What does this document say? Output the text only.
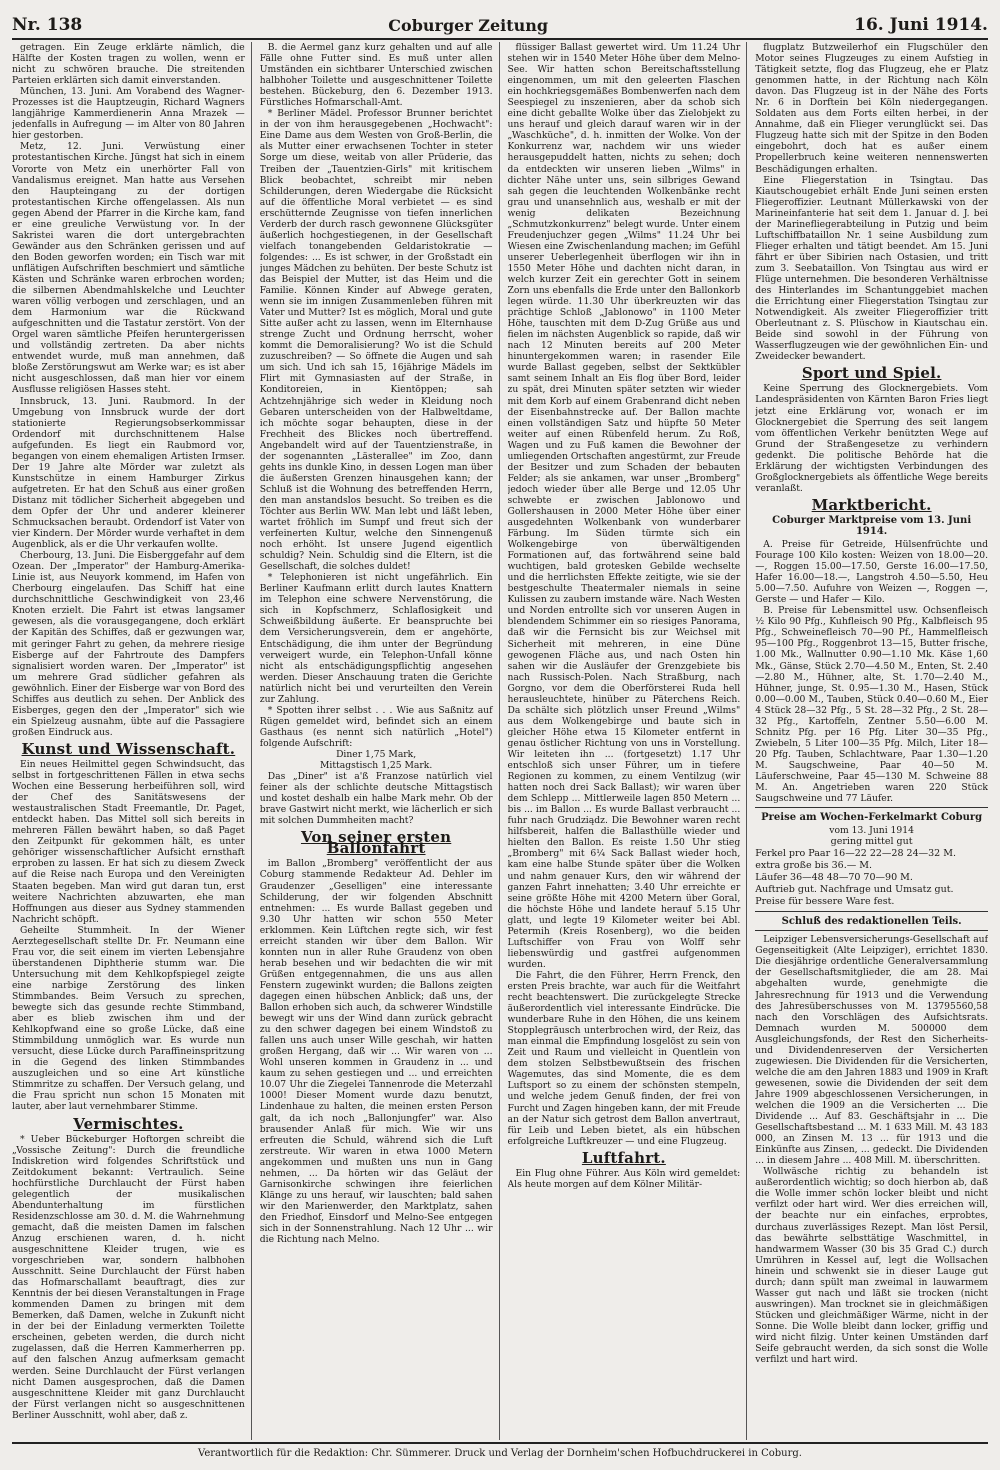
Nr. 138	Coburger Zeitung	16. Juni 1914.

getragen. Ein Zeuge erklärte nämlich, die Hälfte der Kosten tragen zu wollen, wenn er nicht zu schwören brauche. Die streitenden Parteien erklärten sich damit einverstanden.

München, 13. Juni. Am Vorabend des Wagner-Prozesses ist die Hauptzeugin, Richard Wagners langjährige Kammerdienerin Anna Mrazek — jedenfalls in Aufregung — im Alter von 80 Jahren hier gestorben.

Metz, 12. Juni. Verwüstung einer protestantischen Kirche. Jüngst hat sich in einem Vororte von Metz ein unerhörter Fall von Vandalismus ereignet. Man hatte aus Versehen den Haupteingang zu der dortigen protestantischen Kirche offengelassen. Als nun gegen Abend der Pfarrer in die Kirche kam, fand er eine greuliche Verwüstung vor. In der Sakristei waren die dort untergebrachten Gewänder aus den Schränken gerissen und auf den Boden geworfen worden; ein Tisch war mit unflätigen Aufschriften beschmiert und sämtliche Kästen und Schränke waren erbrochen worden; die silbernen Abendmahlskelche und Leuchter waren völlig verbogen und zerschlagen, und an dem Harmonium war die Rückwand aufgeschnitten und die Tastatur zerstört. Von der Orgel waren sämtliche Pfeifen heruntergerissen und vollständig zertreten. Da aber nichts entwendet wurde, muß man annehmen, daß bloße Zerstörungswut am Werke war; es ist aber nicht ausgeschlossen, daß man hier vor einem Ausflusse religiösen Hasses steht.

Innsbruck, 13. Juni. Raubmord. In der Umgebung von Innsbruck wurde der dort stationierte Regierungsobserkommissar Ordendorf mit durchschnittenem Halse aufgefunden. Es liegt ein Raubmord vor, begangen von einem ehemaligen Artisten Irmser. Der 19 Jahre alte Mörder war zuletzt als Kunstschütze in einem Hamburger Zirkus aufgetreten. Er hat den Schuß aus einer großen Distanz mit tödlicher Sicherheit abgegeben und dem Opfer der Uhr und anderer kleinerer Schmucksachen beraubt. Ordendorf ist Vater von vier Kindern. Der Mörder wurde verhaftet in dem Augenblick, als er die Uhr verkaufen wollte.

Cherbourg, 13. Juni. Die Eisberggefahr auf dem Ozean. Der „Imperator" der Hamburg-Amerika-Linie ist, aus Neuyork kommend, im Hafen von Cherbourg eingelaufen. Das Schiff hat eine durchschnittliche Geschwindigkeit von 23,46 Knoten erzielt. Die Fahrt ist etwas langsamer gewesen, als die vorausgegangene, doch erklärt der Kapitän des Schiffes, daß er gezwungen war, mit geringer Fahrt zu gehen, da mehrere riesige Eisberge auf der Fahrtroute des Dampfers signalisiert worden waren. Der „Imperator" ist um mehrere Grad südlicher gefahren als gewöhnlich. Einer der Eisberge war von Bord des Schiffes aus deutlich zu sehen. Der Anblick des Eisberges, gegen den der „Imperator" sich wie ein Spielzeug ausnahm, übte auf die Passagiere großen Eindruck aus.

Kunst und Wissenschaft.

Ein neues Heilmittel gegen Schwindsucht, das selbst in fortgeschrittenen Fällen in etwa sechs Wochen eine Besserung herbeiführen soll, wird der Chef des Sanitätswesens der westaustralischen Stadt Freemantle, Dr. Paget, entdeckt haben. Das Mittel soll sich bereits in mehreren Fällen bewährt haben, so daß Paget den Zeitpunkt für gekommen hält, es unter gehöriger wissenschaftlicher Aufsicht ernsthaft erproben zu lassen. Er hat sich zu diesem Zweck auf die Reise nach Europa und den Vereinigten Staaten begeben. Man wird gut daran tun, erst weitere Nachrichten abzuwarten, ehe man Hoffnungen aus dieser aus Sydney stammenden Nachricht schöpft.

Geheilte Stummheit. In der Wiener Aerztegesellschaft stellte Dr. Fr. Neumann eine Frau vor, die seit einem im vierten Lebensjahre überstandenen Diphtherie stumm war. Die Untersuchung mit dem Kehlkopfspiegel zeigte eine narbige Zerstörung des linken Stimmbandes. Beim Versuch zu sprechen, bewegte sich das gesunde rechte Stimmband, aber es blieb zwischen ihm und der Kehlkopfwand eine so große Lücke, daß eine Stimmbildung unmöglich war. Es wurde nun versucht, diese Lücke durch Paraffineinspritzung in die Gegend des linken Stimmbandes auszugleichen und so eine Art künstliche Stimmritze zu schaffen. Der Versuch gelang, und die Frau spricht nun schon 15 Monaten mit lauter, aber laut vernehmbarer Stimme.

Vermischtes.

* Ueber Bückeburger Hoftorgen schreibt die „Vossische Zeitung": Durch die freundliche Indiskretion wird folgendes Schriftstück und Zeitdokument bekannt: Vertraulich. Seine hochfürstliche Durchlaucht der Fürst haben gelegentlich der musikalischen Abendunterhaltung im fürstlichen Residenzschlosse am 30. d. M. die Wahrnehmung gemacht, daß die meisten Damen im falschen Anzug erschienen waren, d. h. nicht ausgeschnittene Kleider trugen, wie es vorgeschrieben war, sondern halbhohen Ausschnitt. Seine Durchlaucht der Fürst haben das Hofmarschallamt beauftragt, dies zur Kenntnis der bei diesen Veranstaltungen in Frage kommenden Damen zu bringen mit dem Bemerken, daß Damen, welche in Zukunft nicht in der bei der Einladung vermerkten Toilette erscheinen, gebeten werden, die durch nicht zugelassen, daß die Herren Kammerherren pp. auf den falschen Anzug aufmerksam gemacht werden. Seine Durchlaucht der Fürst verlangen nicht Damen ausgesprochen, daß die Damen ausgeschnittene Kleider mit ganz Durchlaucht der Fürst verlangen nicht so ausgeschnittenen Berliner Ausschnitt, wohl aber, daß z.

B. die Aermel ganz kurz gehalten und auf alle Fälle ohne Futter sind. Es muß unter allen Umständen ein sichtbarer Unterschied zwischen halbhoher Toilette und ausgeschnittener Toilette bestehen. Bückeburg, den 6. Dezember 1913. Fürstliches Hofmarschall-Amt.

* Berliner Mädel. Professor Brunner berichtet in der von ihm herausgegebenen „Hochwacht": Eine Dame aus dem Westen von Groß-Berlin, die als Mutter einer erwachsenen Tochter in steter Sorge um diese, weitab von aller Prüderie, das Treiben der „Tauentzien-Girls" mit kritischem Blick beobachtet, schreibt mir neben Schilderungen, deren Wiedergabe die Rücksicht auf die öffentliche Moral verbietet — es sind erschütternde Zeugnisse von tiefen innerlichen Verderb der durch rasch gewonnene Glücksgüter äußerlich hochgestiegenen, in der Gesellschaft vielfach tonangebenden Geldaristokratie — folgendes: ... Es ist schwer, in der Großstadt ein junges Mädchen zu behüten. Der beste Schutz ist das Beispiel der Mutter, ist das Heim und die Familie. Können Kinder auf Abwege geraten, wenn sie im innigen Zusammenleben führen mit Vater und Mutter? Ist es möglich, Moral und gute Sitte außer acht zu lassen, wenn im Elternhause strenge Zucht und Ordnung herrscht, woher kommt die Demoralisierung? Wo ist die Schuld zuzuschreiben? — So öffnete die Augen und sah um sich. Und ich sah 15, 16jährige Mädels im Flirt mit Gymnasiasten auf der Straße, in Konditoreien, in Kientöppen; sah Achtzehnjährige sich weder in Kleidung noch Gebaren unterscheiden von der Halbweltdame, ich möchte sogar behaupten, diese in der Frechheit des Blickes noch übertreffend. Angebandelt wird auf der Tauentzienstraße, in der sogenannten „Lästerallee" im Zoo, dann gehts ins dunkle Kino, in dessen Logen man über die äußersten Grenzen hinausgehen kann; der Schluß ist die Wohnung des betreffenden Herrn, den man anstandslos besucht. So treiben es die Töchter aus Berlin WW. Man lebt und läßt leben, wartet fröhlich im Sumpf und freut sich der verfeinerten Kultur, welche den Sinnengenuß noch erhöht. Ist unsere Jugend eigentlich schuldig? Nein. Schuldig sind die Eltern, ist die Gesellschaft, die solches duldet!

* Telephonieren ist nicht ungefährlich. Ein Berliner Kaufmann erlitt durch lautes Knattern im Telephon eine schwere Nervenstörung, die sich in Kopfschmerz, Schlaflosigkeit und Schweißbildung äußerte. Er beanspruchte bei dem Versicherungsverein, dem er angehörte, Entschädigung, die ihm unter der Begründung verweigert wurde, ein Telephon-Unfall könne nicht als entschädigungspflichtig angesehen werden. Dieser Anschauung traten die Gerichte natürlich nicht bei und verurteilten den Verein zur Zahlung.

* Spotten ihrer selbst . . . Wie aus Saßnitz auf Rügen gemeldet wird, befindet sich an einem Gasthaus (es nennt sich natürlich „Hotel") folgende Aufschrift:

Diner 1,75 Mark,

Mittagstisch 1,25 Mark.

Das „Diner" ist a'ß Franzose natürlich viel feiner als der schlichte deutsche Mittagstisch und kostet deshalb ein halbe Mark mehr. Ob der brave Gastwirt nicht merkt, wie lächerlich er sich mit solchen Dummheiten macht?

Von seiner ersten Ballonfahrt

im Ballon „Bromberg" veröffentlicht der aus Coburg stammende Redakteur Ad. Dehler im Graudenzer „Geselligen" eine interessante Schilderung, der wir folgenden Abschnitt entnehmen: ... Es wurde Ballast gegeben und 9.30 Uhr hatten wir schon 550 Meter erklommen. Kein Lüftchen regte sich, wir fest erreicht standen wir über dem Ballon. Wir konnten nun in aller Ruhe Graudenz von oben herab besehen und wir bedachten die wir mit Grüßen entgegennahmen, die uns aus allen Fenstern zugewinkt wurden; die Ballons zeigten dagegen einen hübschen Anblick; daß uns, der Ballon erhoben sich auch, da schwerer Windstille bewegt wir uns der Wind dann zurück gebracht zu den schwer dagegen bei einem Windstoß zu fallen uns auch unser Wille geschah, wir hatten großen Hergang, daß wir ... Wir waren von ... Wohl unseren kommen in Graudenz in ... und kaum zu sehen gestiegen und ... und erreichten 10.07 Uhr die Ziegelei Tannenrode die Meterzahl 1000! Dieser Moment wurde dazu benutzt, Lindenhaue zu halten, die meinen ersten Person galt, da ich noch „Ballonjungfer" war. Also brausender Anlaß für mich. Wie wir uns erfreuten die Schuld, während sich die Luft zerstreute. Wir waren in etwa 1000 Metern angekommen und mußten uns nun in Gang nehmen, ... Da hörten wir das Geläut der Garnisonkirche schwingen ihre feierlichen Klänge zu uns herauf, wir lauschten; bald sahen wir den Marienwerder, den Marktplatz, sahen den Friedhof, Einsdorf und Melno-See entgegen sich in der Sonnenstrahlung. Nach 12 Uhr ... wir die Richtung nach Melno.

flüssiger Ballast gewertet wird. Um 11.24 Uhr stehen wir in 1540 Meter Höhe über dem Melno-See. Wir hatten schon Bereitschaftsstellung eingenommen, um mit den geleerten Flaschen ein hochkriegsgemäßes Bombenwerfen nach dem Seespiegel zu inszenieren, aber da schob sich eine dicht geballte Wolke über das Zielobjekt zu uns herauf und gleich darauf waren wir in der „Waschküche", d. h. inmitten der Wolke. Von der Konkurrenz war, nachdem wir uns wieder herausgepuddelt hatten, nichts zu sehen; doch da entdeckten wir unseren lieben „Wilms" in dichter Nähe unter uns, sein silbriges Gewand sah gegen die leuchtenden Wolkenbänke recht grau und unansehnlich aus, weshalb er mit der wenig delikaten Bezeichnung „Schmutzkonkurrenz" belegt wurde. Unter einem Freudenjuchzer gegen „Wilms" 11.24 Uhr bei Wiesen eine Zwischenlandung machen; im Gefühl unserer Ueberlegenheit überflogen wir ihn in 1550 Meter Höhe und dachten nicht daran, in welch kurzer Zeit ein gerechter Gott in seinem Zorn uns ebenfalls die Erde unter den Ballonkorb legen würde. 11.30 Uhr überkreuzten wir das prächtige Schloß „Jablonowo" in 1100 Meter Höhe, tauschten mit dem D-Zug Grüße aus und fielen im nächsten Augenblick so rapide, daß wir nach 12 Minuten bereits auf 200 Meter hinuntergekommen waren; in rasender Eile wurde Ballast gegeben, selbst der Sektkübler samt seinem Inhalt an Eis flog über Bord, leider zu spät, drei Minuten später setzten wir wieder mit dem Korb auf einem Grabenrand dicht neben der Eisenbahnstrecke auf. Der Ballon machte einen vollständigen Satz und hüpfte 50 Meter weiter auf einen Rübenfeld herum. Zu Roß, Wagen und zu Fuß kamen die Bewohner der umliegenden Ortschaften angestürmt, zur Freude der Besitzer und zum Schaden der bebauten Felder; als sie ankamen, war unser „Bromberg" jedoch wieder über alle Berge und 12.05 Uhr schwebte er zwischen Jablonowo und Gollershausen in 2000 Meter Höhe über einer ausgedehnten Wolkenbank von wunderbarer Färbung. Im Süden türmte sich ein Wolkengebirge von überwältigenden Formationen auf, das fortwährend seine bald wuchtigen, bald grotesken Gebilde wechselte und die herrlichsten Effekte zeitigte, wie sie der bestgeschulte Theatermaler niemals in seine Kulissen zu zaubern imstande wäre. Nach Westen und Norden entrollte sich vor unseren Augen in blendendem Schimmer ein so riesiges Panorama, daß wir die Fernsicht bis zur Weichsel mit Sicherheit mit mehreren, in eine Düne gewogenen Fläche aus, und nach Osten hin sahen wir die Ausläufer der Grenzgebiete bis nach Russisch-Polen. Nach Straßburg, nach Gorgno, vor dem die Oberförsterei Ruda hell herausleuchtete, hinüber zu Päterchens Reich. Da schälte sich plötzlich unser Freund „Wilms" aus dem Wolkengebirge und baute sich in gleicher Höhe etwa 15 Kilometer entfernt in genau östlicher Richtung von uns in Vorstellung. Wir leiteten ihn ... (fortgesetzt) 1.17 Uhr entschloß sich unser Führer, um in tiefere Regionen zu kommen, zu einem Ventilzug (wir hatten noch drei Sack Ballast); wir waren über dem Schlepp ... Mittlerweile lagen 850 Metern ... bis ... im Ballon ... Es wurde Ballast verbraucht ... fuhr nach Grudziądz. Die Bewohner waren recht hilfsbereit, halfen die Ballasthülle wieder und hielten den Ballon. Es reiste 1.50 Uhr stieg „Bromberg" mit 6¼ Sack Ballast wieder hoch, kam eine halbe Stunde später über die Wolken und nahm genauer Kurs, den wir während der ganzen Fahrt innehatten; 3.40 Uhr erreichte er seine größte Höhe mit 4200 Metern über Goral, die höchste Höhe und landete herauf 5.15 Uhr glatt, und legte 19 Kilometer weiter bei Abl. Petermih (Kreis Rosenberg), wo die beiden Luftschiffer von Frau von Wolff sehr liebenswürdig und gastfrei aufgenommen wurden.

Die Fahrt, die den Führer, Herrn Frenck, den ersten Preis brachte, war auch für die Weitfahrt recht beachtenswert. Die zurückgelegte Strecke äußerordentlich viel interessante Eindrücke. Die wunderbare Ruhe in den Höhen, die uns keinem Stopplegräusch unterbrochen wird, der Reiz, das man einmal die Empfindung losgelöst zu sein von Zeit und Raum und vielleicht in Quentlein von dem stolzen Selbstbewußtsein des frischen Wagemutes, das sind Momente, die es dem Luftsport so zu einem der schönsten stempeln, und welche jedem Genuß finden, der frei von Furcht und Zagen hingeben kann, der mit Freude an der Natur sich getrost dem Ballon anvertraut, für Leib und Leben bietet, als ein hübschen erfolgreiche Luftkreuzer — und eine Flugzeug.

Luftfahrt.

Ein Flug ohne Führer. Aus Köln wird gemeldet: Als heute morgen auf dem Kölner Militär-

flugplatz Butzweilerhof ein Flugschüler den Motor seines Flugzeuges zu einem Aufstieg in Tätigkeit setzte, flog das Flugzeug, ehe er Platz genommen hatte, in der Richtung nach Köln davon. Das Flugzeug ist in der Nähe des Forts Nr. 6 in Dorftein bei Köln niedergegangen. Soldaten aus dem Forts eilten herbei, in der Annahme, daß ein Flieger verunglückt sei. Das Flugzeug hatte sich mit der Spitze in den Boden eingebohrt, doch hat es außer einem Propellerbruch keine weiteren nennenswerten Beschädigungen erhalten.

Eine Fliegerstation in Tsingtau. Das Kiautschougebiet erhält Ende Juni seinen ersten Fliegeroffizier. Leutnant Müllerkawski von der Marineinfanterie hat seit dem 1. Januar d. J. bei der Marinefliegerabteilung in Putzig und beim Luftschiffbataillon Nr. 1 seine Ausbildung zum Flieger erhalten und tätigt beendet. Am 15. Juni fährt er über Sibirien nach Ostasien, und tritt zum 3. Seebataillon. Von Tsingtau aus wird er Flüge unternehmen. Die besonderen Verhältnisse des Hinterlandes im Schantunggebiet machen die Errichtung einer Fliegerstation Tsingtau zur Notwendigkeit. Als zweiter Fliegeroffizier tritt Oberleutnant z. S. Plüschow in Kiautschau ein. Beide sind sowohl in der Führung von Wasserflugzeugen wie der gewöhnlichen Ein- und Zweidecker bewandert.

Sport und Spiel.

Keine Sperrung des Glocknergebiets. Vom Landespräsidenten von Kärnten Baron Fries liegt jetzt eine Erklärung vor, wonach er im Glocknergebiet die Sperrung des seit langem vom öffentlichen Verkehr benützten Wege auf Grund der Straßengesetze zu verhindern gedenkt. Die politische Behörde hat die Erklärung der wichtigsten Verbindungen des Großglocknergebiets als öffentliche Wege bereits veranlaßt.

Marktbericht.
Coburger Marktpreise vom 13. Juni 1914.

A. Preise für Getreide, Hülsenfrüchte und Fourage 100 Kilo kosten: Weizen von 18.00—20.—, Roggen 15.00—17.50, Gerste 16.00—17.50, Hafer 16.00—18.—, Langstroh 4.50—5.50, Heu 5.00—7.50. Aufuhre von Weizen —, Roggen —, Gerste — und Hafer — Kilo.

B. Preise für Lebensmittel usw. Ochsenfleisch ½ Kilo 90 Pfg., Kuhfleisch 90 Pfg., Kalbfleisch 95 Pfg., Schweinefleisch 70—90 Pf., Hammelfleisch 95—100 Pfg., Roggenbrot 13—15, Butter frische, 1.00 Mk., Wallnutter 0.90—1.10 Mk. Käse 1,60 Mk., Gänse, Stück 2.70—4.50 M., Enten, St. 2.40—2.80 M., Hühner, alte, St. 1.70—2.40 M., Hühner, junge, St. 0.95—1.30 M., Hasen, Stück 0.00—0.00 M., Tauben, Stück 0.40—0.60 M., Eier 4 Stück 28—32 Pfg., 5 St. 28—32 Pfg., 2 St. 28—32 Pfg., Kartoffeln, Zentner 5.50—6.00 M. Schnitz Pfg. per 16 Pfg. Liter 30—35 Pfg., Zwiebeln, 5 Liter 100—35 Pfg. Milch, Liter 18—20 Pfg. Tauben, Schlachtware, Paar 1.30—1.20 M. Saugschweine, Paar 40—50 M. Läuferschweine, Paar 45—130 M. Schweine 88 M. An. Angetrieben waren 220 Stück Saugschweine und 77 Läufer.

Preise am Wochen-Ferkelmarkt Coburg

vom 13. Juni 1914

gering mittel gut

Ferkel pro Paar 16—22 22—28 24—32 M.

extra große bis 36.— M.

Läufer 36—48 48—70 70—90 M.

Auftrieb gut. Nachfrage und Umsatz gut.

Preise für bessere Ware fest.

Schluß des redaktionellen Teils.

Leipziger Lebensversicherungs-Gesellschaft auf Gegenseitigkeit (Alte Leipziger), errichtet 1830. Die diesjährige ordentliche Generalversammlung der Gesellschaftsmitglieder, die am 28. Mai abgehalten wurde, genehmigte die Jahresrechnung für 1913 und die Verwendung des Jahresüberschusses von M. 13795560,58 nach den Vorschlägen des Aufsichtsrats. Demnach wurden M. 500000 dem Ausgleichungsfonds, der Rest den Sicherheits- und Dividendenreserven der Versicherten zugewiesen. Die Dividenden für die Versicherten, welche die am den Jahren 1883 und 1909 in Kraft gewesenen, sowie die Dividenden der seit dem Jahre 1909 abgeschlossenen Versicherungen, in welchen die 1909 an die Versicherten ... Die Dividende ... Auf 83. Geschäftsjahr in ... Die Gesellschaftsbestand ... M. 1 633 Mill. M. 43 183 000, an Zinsen M. 13 ... für 1913 und die Einkünfte aus Zinsen, ... gedeckt. Die Dividenden ... in diesem Jahre ... 408 Mill. M. überschritten.

Wollwäsche richtig zu behandeln ist außerordentlich wichtig; so doch hierbon ab, daß die Wolle immer schön locker bleibt und nicht verfilzt oder hart wird. Wer dies erreichen will, der beachte nur ein einfaches, erprobtes, durchaus zuverlässiges Rezept. Man löst Persil, das bewährte selbsttätige Waschmittel, in handwarmem Wasser (30 bis 35 Grad C.) durch Umrühren in Kessel auf, legt die Wollsachen hinein und schwenkt sie in dieser Lauge gut durch; dann spült man zweimal in lauwarmem Wasser gut nach und läßt sie trocken (nicht auswringen). Man trocknet sie in gleichmäßigen Stücken und gleichmäßiger Wärme, nicht in der Sonne. Die Wolle bleibt dann locker, griffig und wird nicht filzig. Unter keinen Umständen darf Seife gebraucht werden, da sich sonst die Wolle verfilzt und hart wird.

Verantwortlich für die Redaktion: Chr. Sümmerer. Druck und Verlag der Dornheim'schen Hofbuchdruckerei in Coburg.
